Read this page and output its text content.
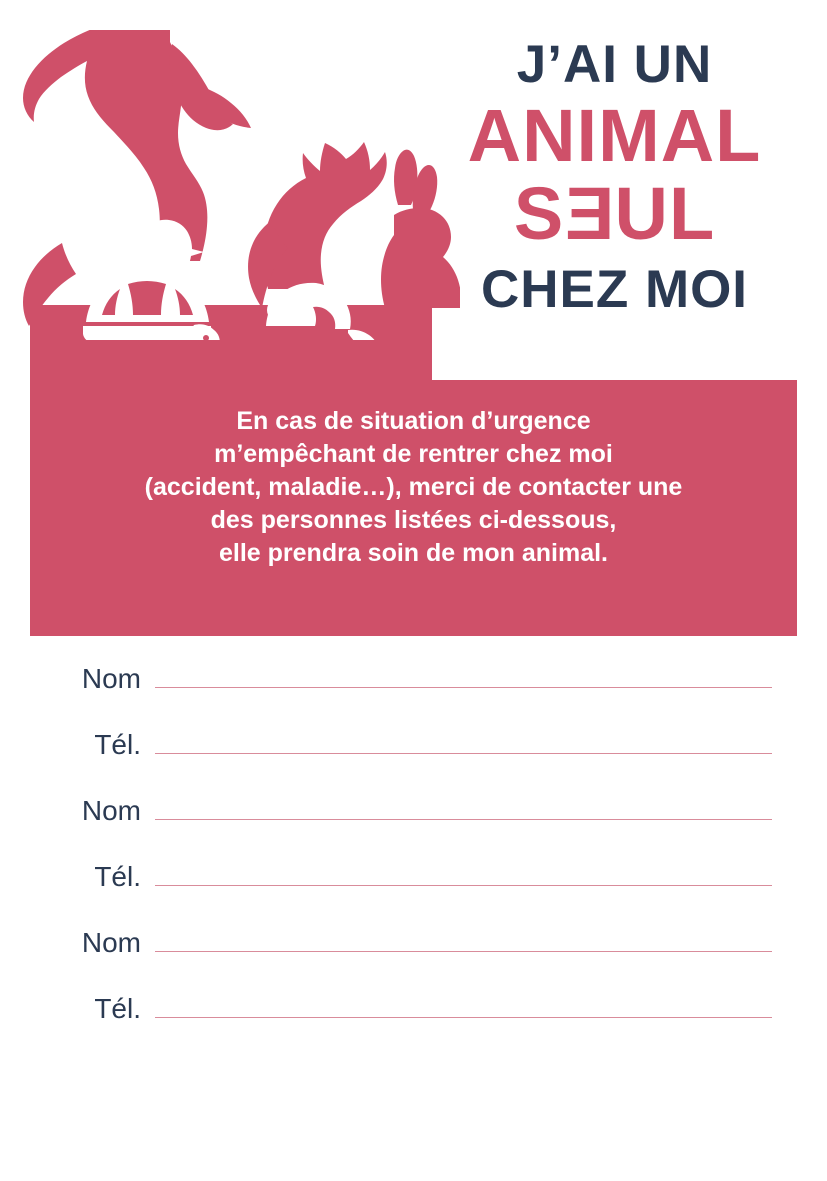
J’AI UN
ANIMAL
SEUL
CHEZ MOI
En cas de situation d’urgence
m’empêchant de rentrer chez moi
(accident, maladie…), merci de contacter une
des personnes listées ci-dessous,
elle prendra soin de mon animal.
Nom
Tél.
Nom
Tél.
Nom
Tél.
